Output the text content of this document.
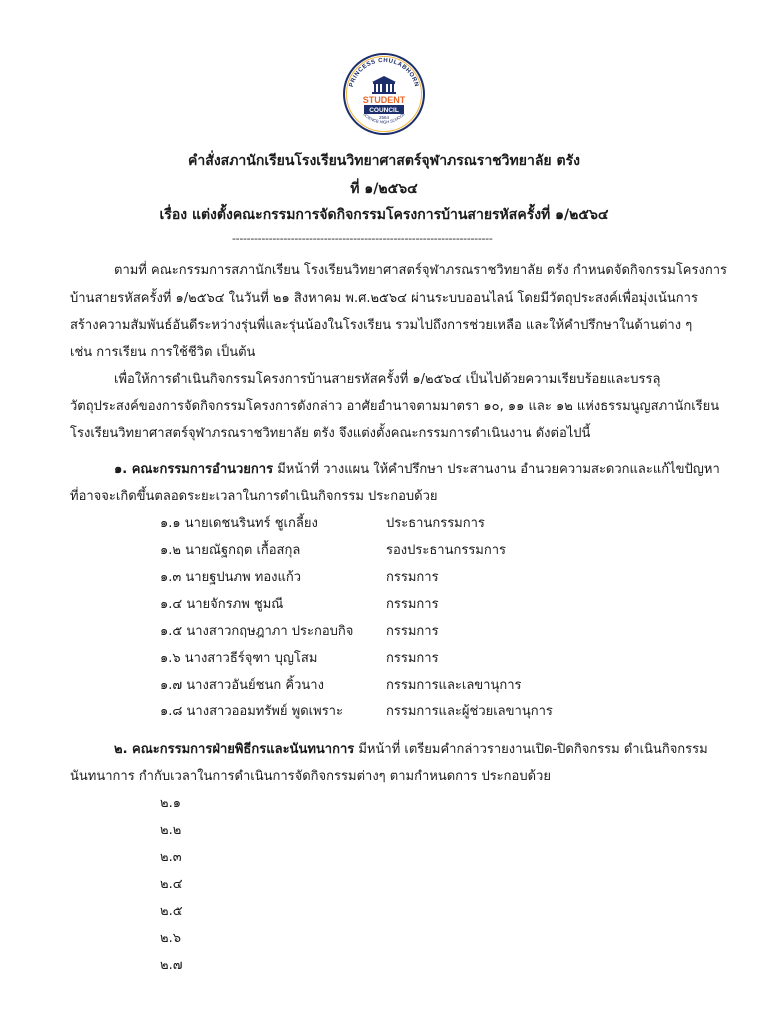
PRINCESS CHULABHORN
STUDENT
COUNCIL
2564
SCIENCE HIGH SCHOOL
คำสั่งสภานักเรียนโรงเรียนวิทยาศาสตร์จุฬาภรณราชวิทยาลัย ตรัง
ที่ ๑/๒๕๖๔
เรื่อง แต่งตั้งคณะกรรมการจัดกิจกรรมโครงการบ้านสายรหัสครั้งที่ ๑/๒๕๖๔
-----------------------------------------------------------------------
ตามที่ คณะกรรมการสภานักเรียน โรงเรียนวิทยาศาสตร์จุฬาภรณราชวิทยาลัย ตรัง กำหนดจัดกิจกรรมโครงการ
บ้านสายรหัสครั้งที่ ๑/๒๕๖๔ ในวันที่ ๒๑ สิงหาคม พ.ศ.๒๕๖๔ ผ่านระบบออนไลน์ โดยมีวัตถุประสงค์เพื่อมุ่งเน้นการ
สร้างความสัมพันธ์อันดีระหว่างรุ่นพี่และรุ่นน้องในโรงเรียน รวมไปถึงการช่วยเหลือ และให้คำปรึกษาในด้านต่าง ๆ
เช่น การเรียน การใช้ชีวิต เป็นต้น
เพื่อให้การดำเนินกิจกรรมโครงการบ้านสายรหัสครั้งที่ ๑/๒๕๖๔ เป็นไปด้วยความเรียบร้อยและบรรลุ
วัตถุประสงค์ของการจัดกิจกรรมโครงการดังกล่าว อาศัยอำนาจตามมาตรา ๑๐, ๑๑ และ ๑๒ แห่งธรรมนูญสภานักเรียน
โรงเรียนวิทยาศาสตร์จุฬาภรณราชวิทยาลัย ตรัง จึงแต่งตั้งคณะกรรมการดำเนินงาน ดังต่อไปนี้
๑. คณะกรรมการอำนวยการ มีหน้าที่ วางแผน ให้คำปรึกษา ประสานงาน อำนวยความสะดวกและแก้ไขปัญหา
ที่อาจจะเกิดขึ้นตลอดระยะเวลาในการดำเนินกิจกรรม ประกอบด้วย
๑.๑ นายเดชนรินทร์ ชูเกลี้ยง	ประธานกรรมการ
๑.๒ นายณัฐกฤต เกื้อสกุล	รองประธานกรรมการ
๑.๓ นายฐปนภพ ทองแก้ว	กรรมการ
๑.๔ นายจักรภพ ชูมณี	กรรมการ
๑.๕ นางสาวกฤษฎาภา ประกอบกิจ	กรรมการ
๑.๖ นางสาวธีร์จุฑา บุญโสม	กรรมการ
๑.๗ นางสาวอันย์ชนก คิ้วนาง	กรรมการและเลขานุการ
๑.๘ นางสาวออมทรัพย์ พูดเพราะ	กรรมการและผู้ช่วยเลขานุการ
๒. คณะกรรมการฝ่ายพิธีกรและนันทนาการ มีหน้าที่ เตรียมคำกล่าวรายงานเปิด-ปิดกิจกรรม ดำเนินกิจกรรม
นันทนาการ กำกับเวลาในการดำเนินการจัดกิจกรรมต่างๆ ตามกำหนดการ ประกอบด้วย
๒.๑
๒.๒
๒.๓
๒.๔
๒.๕
๒.๖
๒.๗
